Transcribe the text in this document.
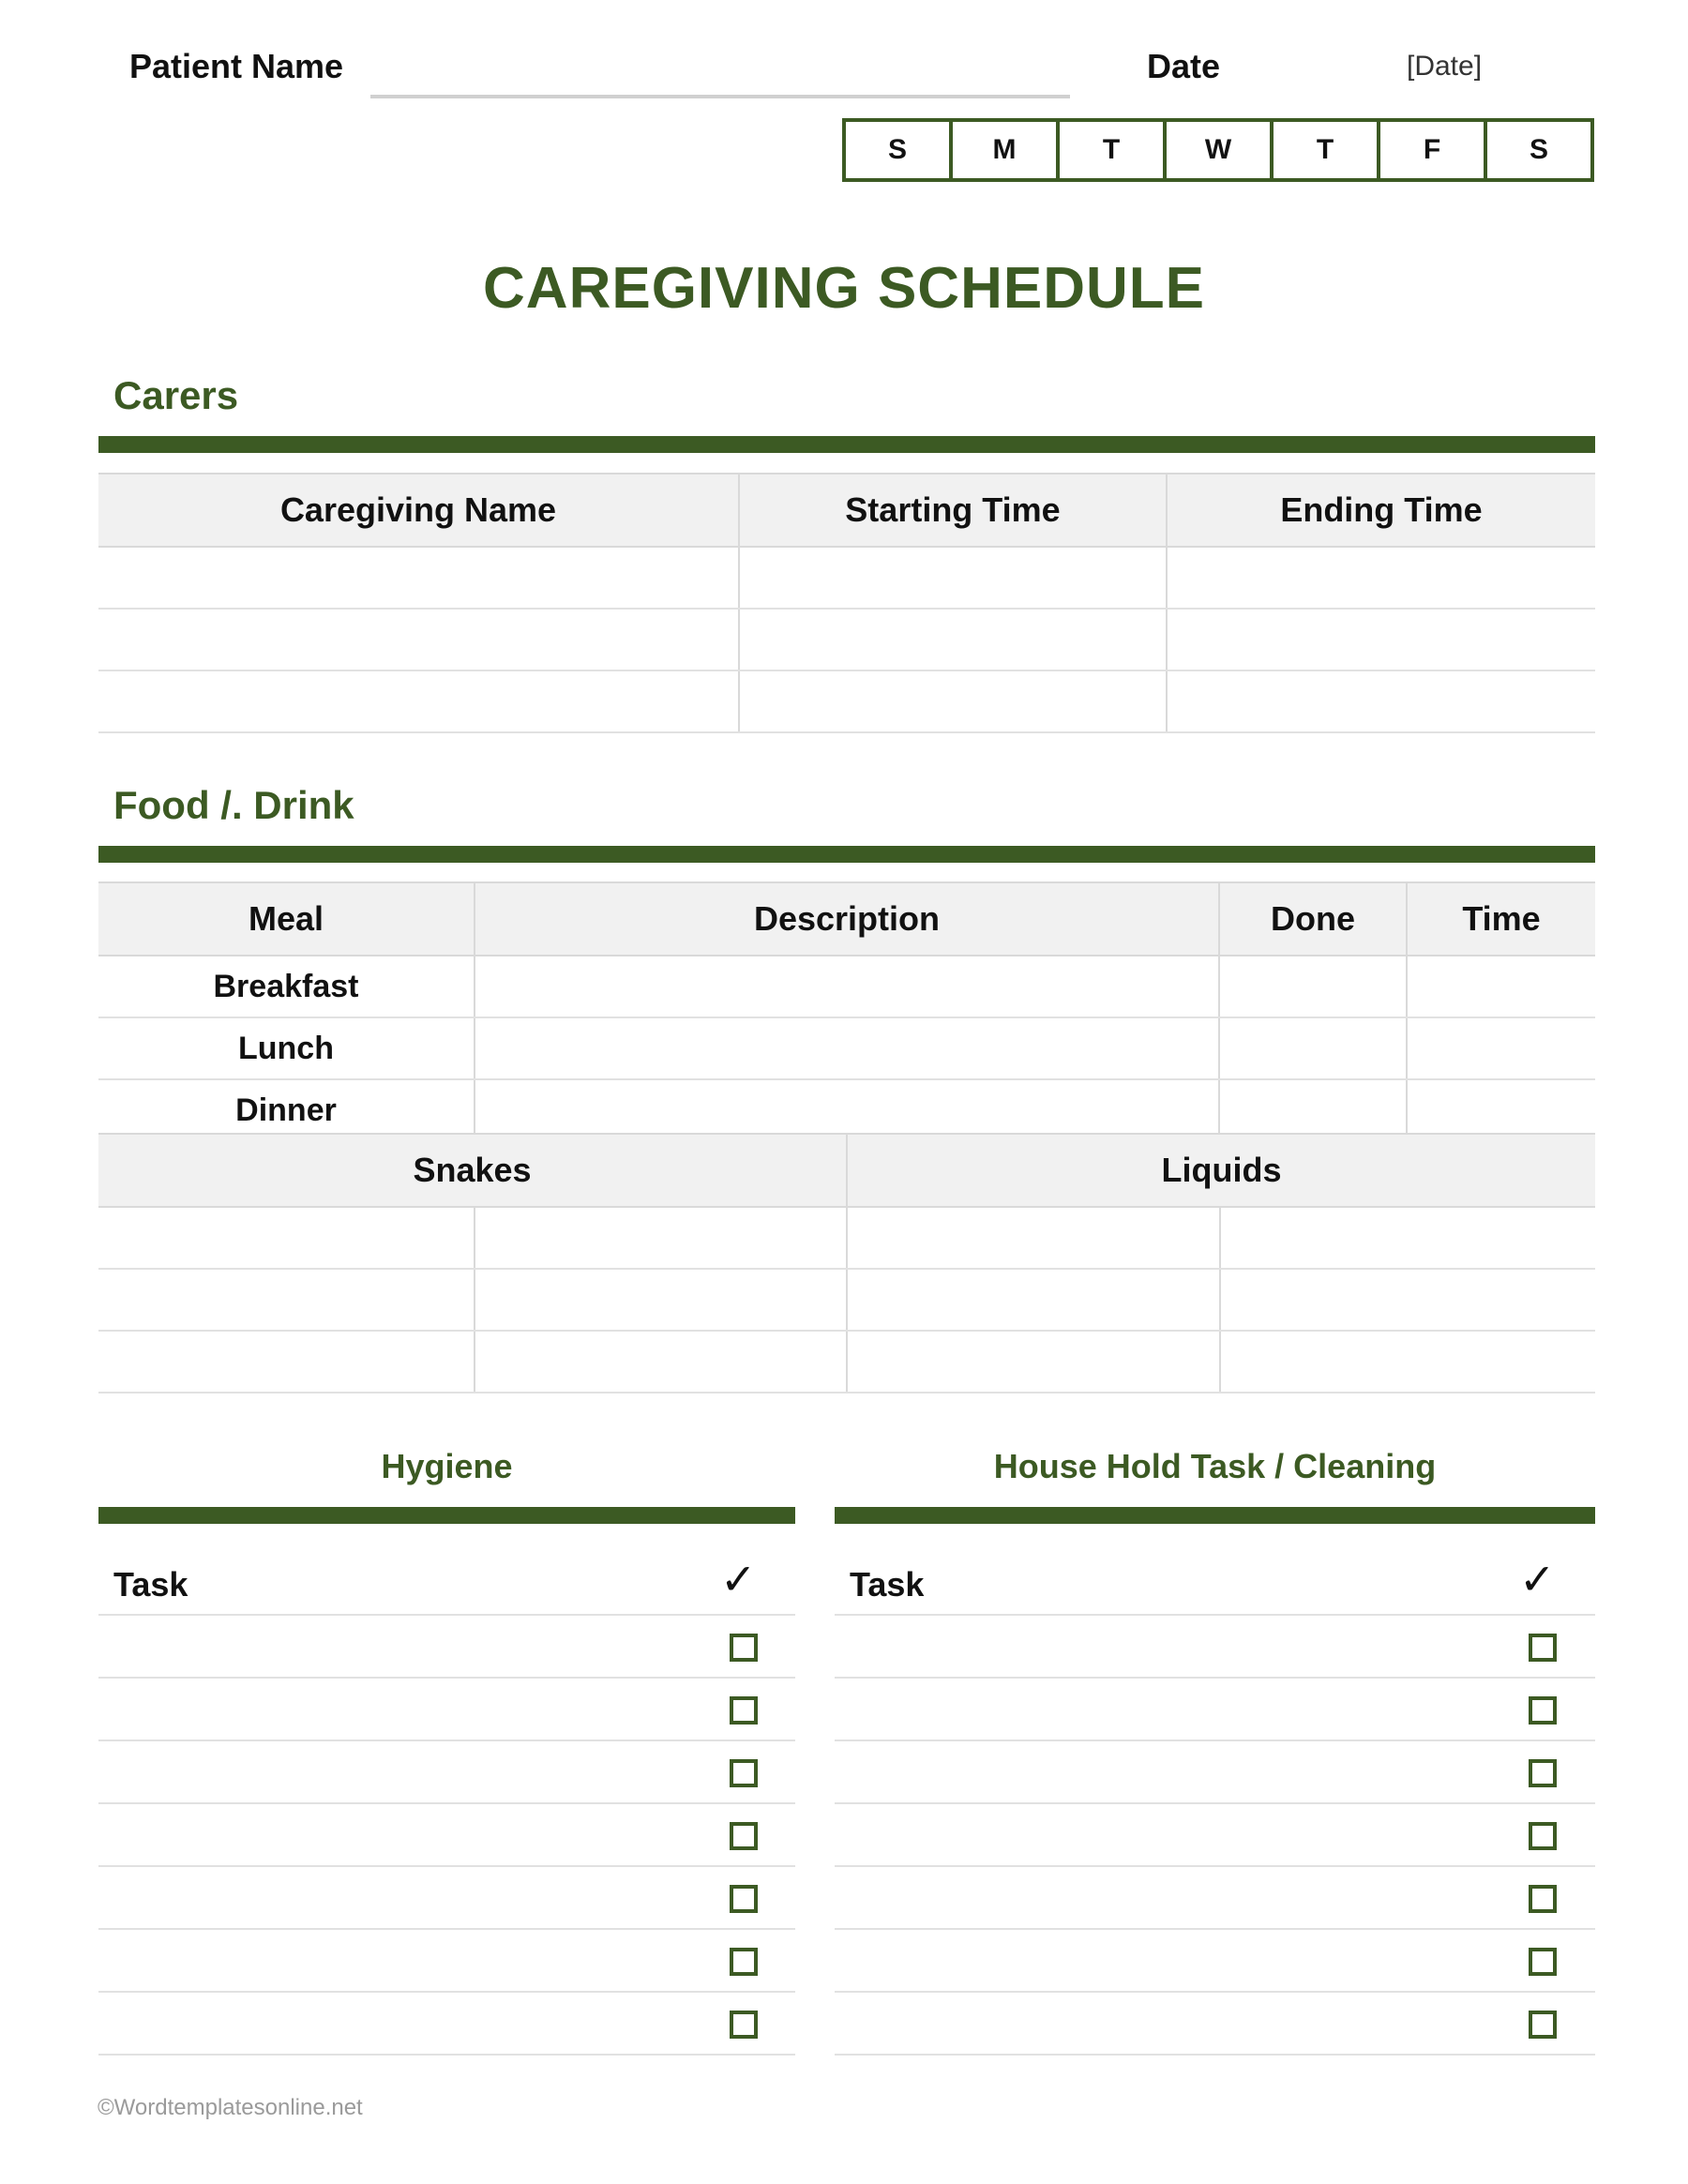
Patient Name	Date	[Date]
S	M	T	W	T	F	S
CAREGIVING SCHEDULE
Carers
Caregiving Name	Starting Time	Ending Time

Food /. Drink
Meal	Description	Done	Time
Breakfast			
Lunch			
Dinner			
Snakes		Liquids	

Hygiene
Task	✓
House Hold Task / Cleaning
Task	✓
©Wordtemplatesonline.net
